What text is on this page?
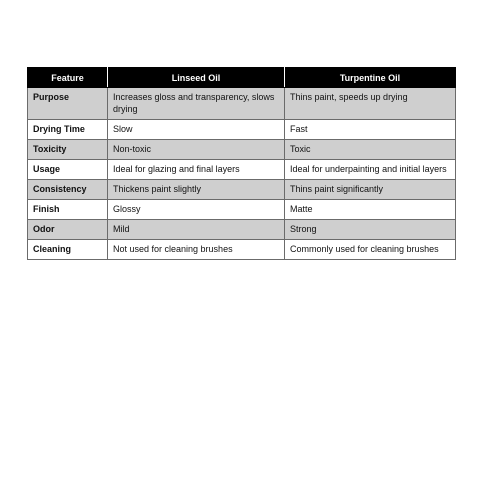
Feature	Linseed Oil	Turpentine Oil
Purpose	Increases gloss and transparency, slows drying	Thins paint, speeds up drying
Drying Time	Slow	Fast
Toxicity	Non-toxic	Toxic
Usage	Ideal for glazing and final layers	Ideal for underpainting and initial layers
Consistency	Thickens paint slightly	Thins paint significantly
Finish	Glossy	Matte
Odor	Mild	Strong
Cleaning	Not used for cleaning brushes	Commonly used for cleaning brushes
